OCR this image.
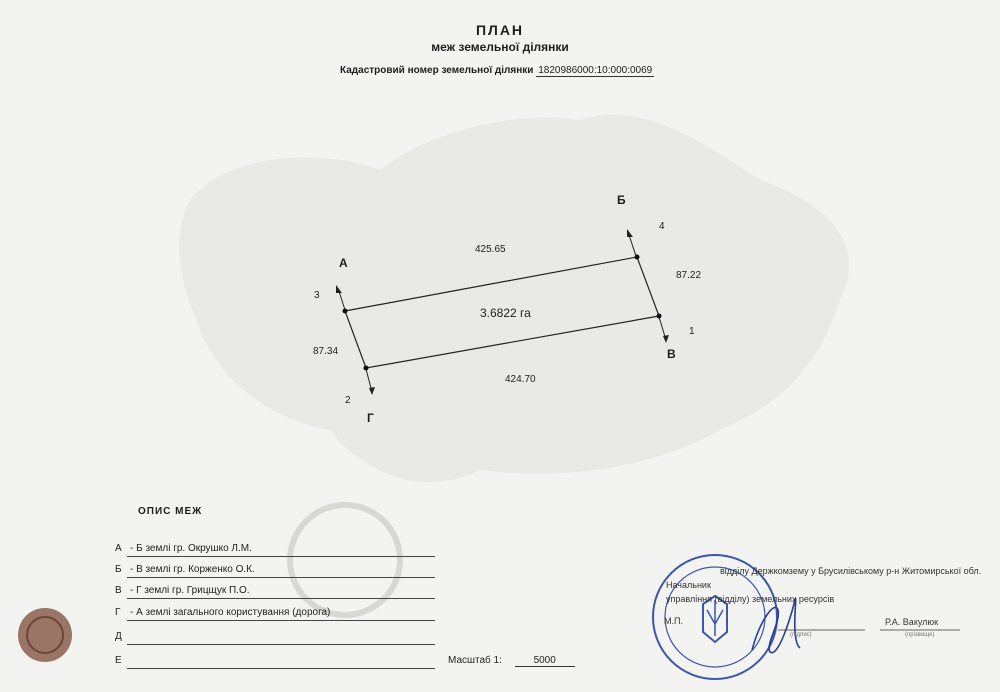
ПЛАН
меж земельної ділянки
Кадастровий номер земельної ділянки 1820986000:10:000:0069
А
Б
В
Г
1
2
3
4
425.65
87.22
424.70
87.34
3.6822 га
ОПИС МЕЖ
А - Б землі гр. Окрушко Л.М.
Б - В землі гр. Корженко О.К.
В - Г землі гр. Грицщук П.О.
Г - А землі загального користування (дорога)
Д
Е	Масштаб 1:	5000
відділу Держкомзему у Брусилівському р-н Житомирської обл.
Начальник
управління (відділу) земельних ресурсів
М.П.	Р.А. Вакулюк
(підпис)	(прізвище)
